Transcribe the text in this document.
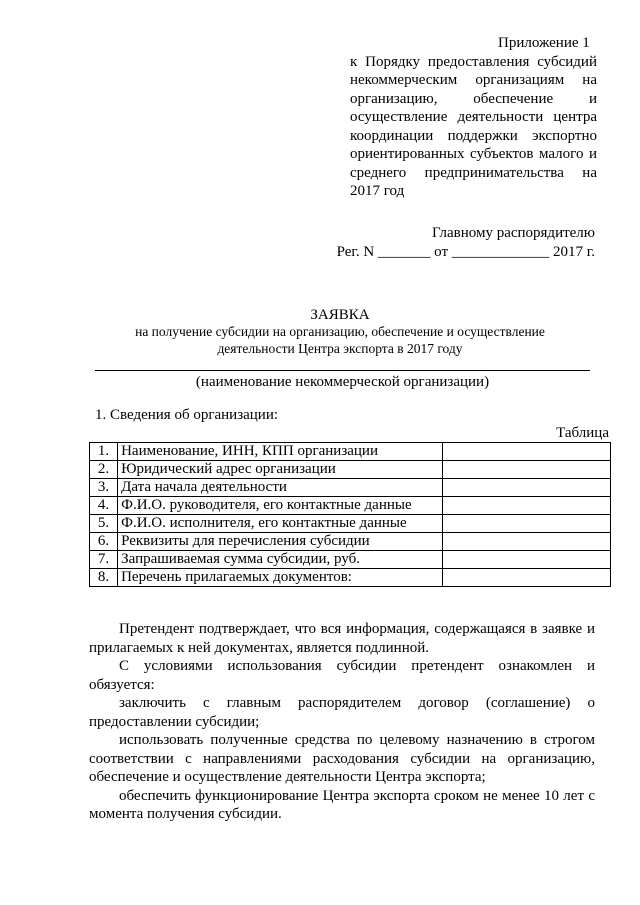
Приложение 1
к Порядку предоставления субсидий некоммерческим организациям на организацию, обеспечение и осуществление деятельности центра координации поддержки экспортно ориентированных субъектов малого и среднего предпринимательства на 2017 год
Главному распорядителю
Рег. N _______ от _____________ 2017 г.
ЗАЯВКА
на получение субсидии на организацию, обеспечение и осуществление деятельности Центра экспорта в 2017 году
(наименование некоммерческой организации)
1. Сведения об организации:
Таблица
1.	Наименование, ИНН, КПП организации	
2.	Юридический адрес организации	
3.	Дата начала деятельности	
4.	Ф.И.О. руководителя, его контактные данные	
5.	Ф.И.О. исполнителя, его контактные данные	
6.	Реквизиты для перечисления субсидии	
7.	Запрашиваемая сумма субсидии, руб.	
8.	Перечень прилагаемых документов:	

Претендент подтверждает, что вся информация, содержащаяся в заявке и прилагаемых к ней документах, является подлинной.

С условиями использования субсидии претендент ознакомлен и обязуется:

заключить с главным распорядителем договор (соглашение) о предоставлении субсидии;

использовать полученные средства по целевому назначению в строгом соответствии с направлениями расходования субсидии на организацию, обеспечение и осуществление деятельности Центра экспорта;

обеспечить функционирование Центра экспорта сроком не менее 10 лет с момента получения субсидии.
